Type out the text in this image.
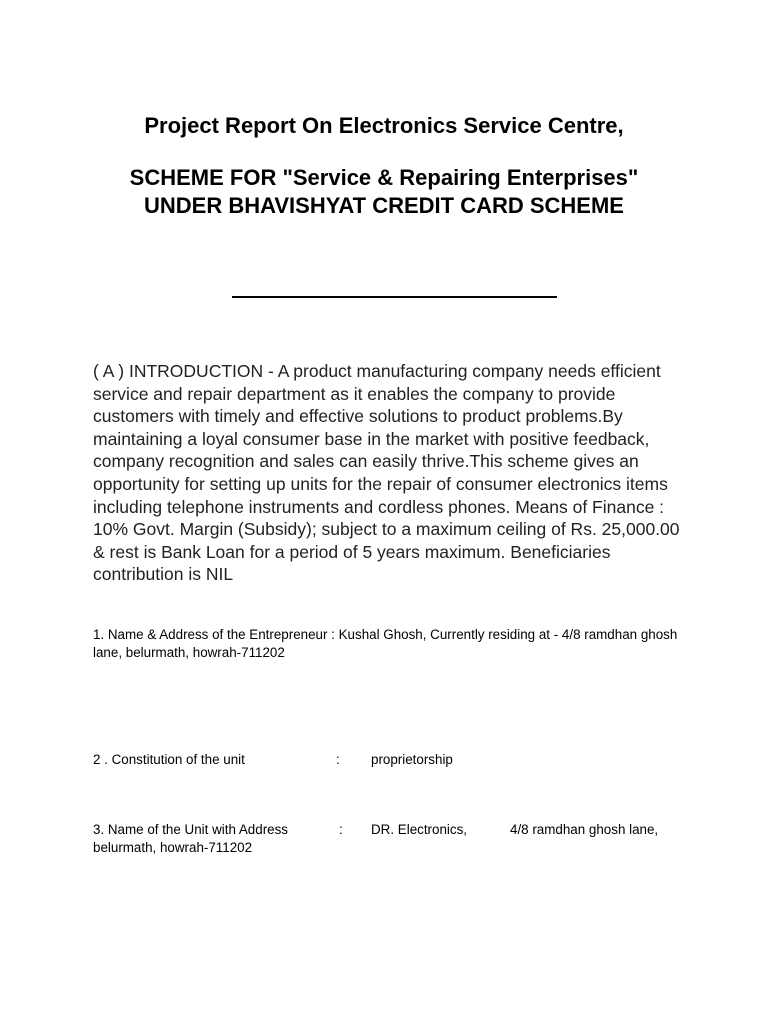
Project Report On Electronics Service Centre,
SCHEME FOR "Service & Repairing Enterprises" UNDER BHAVISHYAT CREDIT CARD SCHEME

( A ) INTRODUCTION - A product manufacturing company needs efficient service and repair department as it enables the company to provide customers with timely and effective solutions to product problems.By maintaining a loyal consumer base in the market with positive feedback, company recognition and sales can easily thrive.This scheme gives an opportunity for setting up units for the repair of consumer electronics items including telephone instruments and cordless phones. Means of Finance : 10% Govt. Margin (Subsidy); subject to a maximum ceiling of Rs. 25,000.00 & rest is Bank Loan for a period of 5 years maximum. Beneficiaries contribution is NIL

1. Name & Address of the Entrepreneur : Kushal Ghosh, Currently residing at - 4/8 ramdhan ghosh lane, belurmath, howrah-711202

2 . Constitution of the unit	: proprietorship
3. Name of the Unit with Address	: DR. Electronics,	4/8 ramdhan ghosh lane,
belurmath, howrah-711202
